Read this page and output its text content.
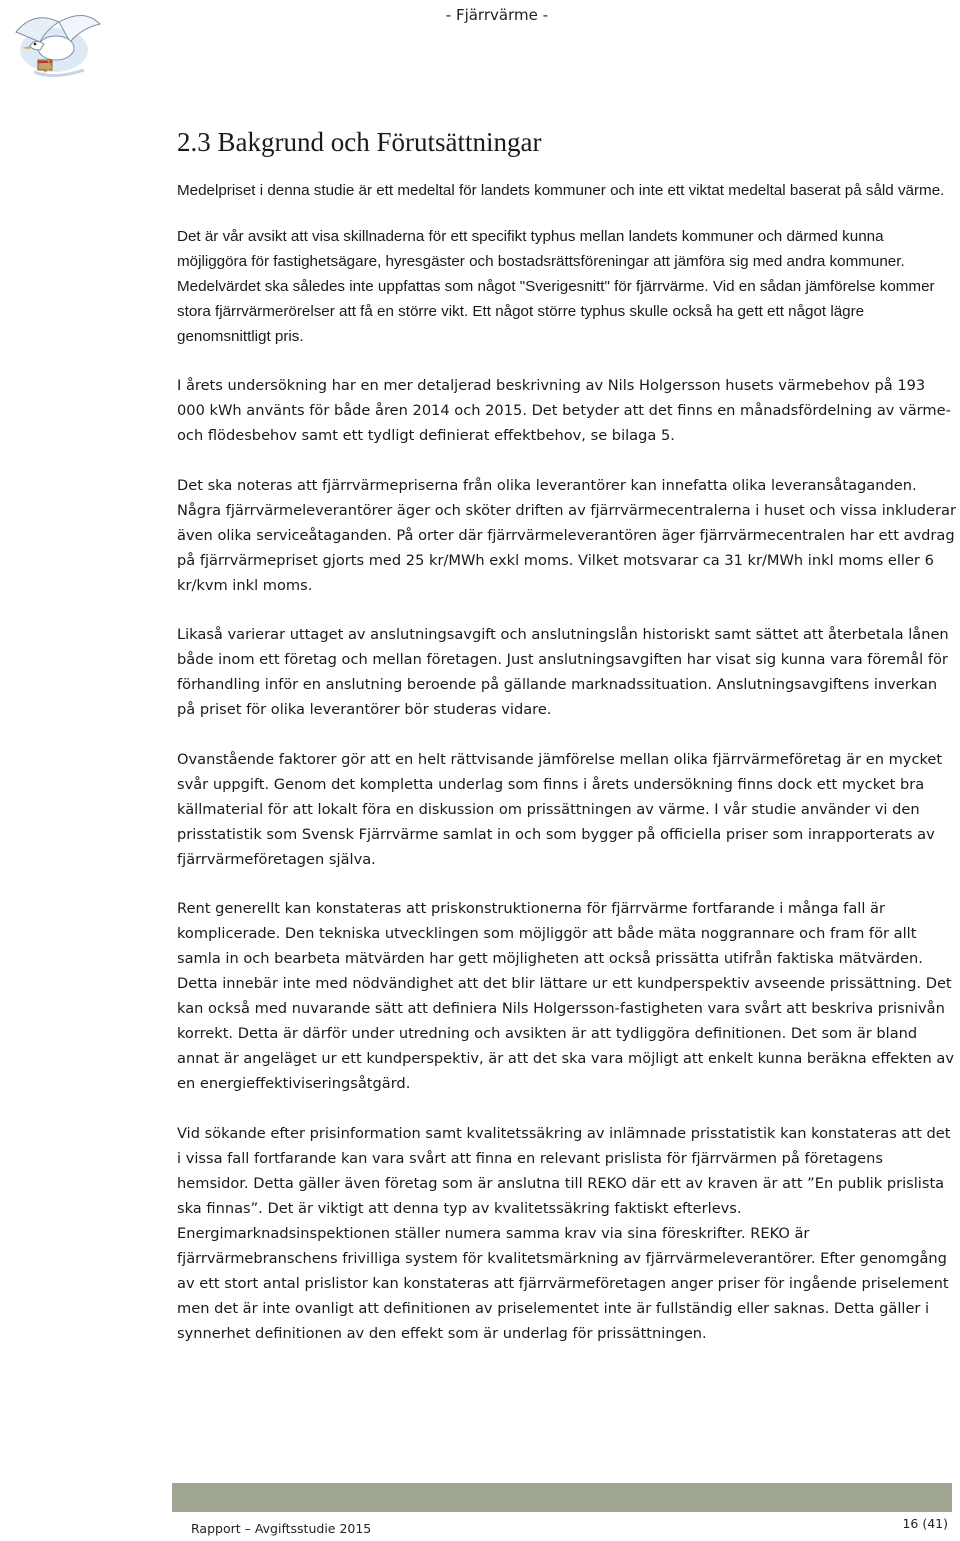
- Fjärrvärme -
2.3 Bakgrund och Förutsättningar

Medelpriset i denna studie är ett medeltal för landets kommuner och inte ett viktat medeltal baserat på såld värme.

Det är vår avsikt att visa skillnaderna för ett specifikt typhus mellan landets kommuner och därmed kunna möjliggöra för fastighetsägare, hyresgäster och bostadsrättsföreningar att jämföra sig med andra kommuner. Medelvärdet ska således inte uppfattas som något "Sverigesnitt" för fjärrvärme. Vid en sådan jämförelse kommer stora fjärrvärmerörelser att få en större vikt. Ett något större typhus skulle också ha gett ett något lägre genomsnittligt pris.

I årets undersökning har en mer detaljerad beskrivning av Nils Holgersson husets värmebehov på 193 000 kWh använts för både åren 2014 och 2015. Det betyder att det finns en månadsfördelning av värme- och flödesbehov samt ett tydligt definierat effektbehov, se bilaga 5.

Det ska noteras att fjärrvärmepriserna från olika leverantörer kan innefatta olika leveransåtaganden. Några fjärrvärmeleverantörer äger och sköter driften av fjärrvärmecentralerna i huset och vissa inkluderar även olika serviceåtaganden. På orter där fjärrvärmeleverantören äger fjärrvärmecentralen har ett avdrag på fjärrvärmepriset gjorts med 25 kr/MWh exkl moms. Vilket motsvarar ca 31 kr/MWh inkl moms eller 6 kr/kvm inkl moms.

Likaså varierar uttaget av anslutningsavgift och anslutningslån historiskt samt sättet att återbetala lånen både inom ett företag och mellan företagen. Just anslutningsavgiften har visat sig kunna vara föremål för förhandling inför en anslutning beroende på gällande marknadssituation. Anslutningsavgiftens inverkan på priset för olika leverantörer bör studeras vidare.

Ovanstående faktorer gör att en helt rättvisande jämförelse mellan olika fjärrvärmeföretag är en mycket svår uppgift. Genom det kompletta underlag som finns i årets undersökning finns dock ett mycket bra källmaterial för att lokalt föra en diskussion om prissättningen av värme. I vår studie använder vi den prisstatistik som Svensk Fjärrvärme samlat in och som bygger på officiella priser som inrapporterats av fjärrvärmeföretagen själva.

Rent generellt kan konstateras att priskonstruktionerna för fjärrvärme fortfarande i många fall är komplicerade. Den tekniska utvecklingen som möjliggör att både mäta noggrannare och fram för allt samla in och bearbeta mätvärden har gett möjligheten att också prissätta utifrån faktiska mätvärden. Detta innebär inte med nödvändighet att det blir lättare ur ett kundperspektiv avseende prissättning. Det kan också med nuvarande sätt att definiera Nils Holgersson-fastigheten vara svårt att beskriva prisnivån korrekt. Detta är därför under utredning och avsikten är att tydliggöra definitionen. Det som är bland annat är angeläget ur ett kundperspektiv, är att det ska vara möjligt att enkelt kunna beräkna effekten av en energieffektiviseringsåtgärd.

Vid sökande efter prisinformation samt kvalitetssäkring av inlämnade prisstatistik kan konstateras att det i vissa fall fortfarande kan vara svårt att finna en relevant prislista för fjärrvärmen på företagens hemsidor. Detta gäller även företag som är anslutna till REKO där ett av kraven är att ”En publik prislista ska finnas”. Det är viktigt att denna typ av kvalitetssäkring faktiskt efterlevs. Energimarknadsinspektionen ställer numera samma krav via sina föreskrifter. REKO är fjärrvärmebranschens frivilliga system för kvalitetsmärkning av fjärrvärmeleverantörer. Efter genomgång av ett stort antal prislistor kan konstateras att fjärrvärmeföretagen anger priser för ingående priselement men det är inte ovanligt att definitionen av priselementet inte är fullständig eller saknas. Detta gäller i synnerhet definitionen av den effekt som är underlag för prissättningen.

Rapport – Avgiftsstudie 2015	16 (41)
